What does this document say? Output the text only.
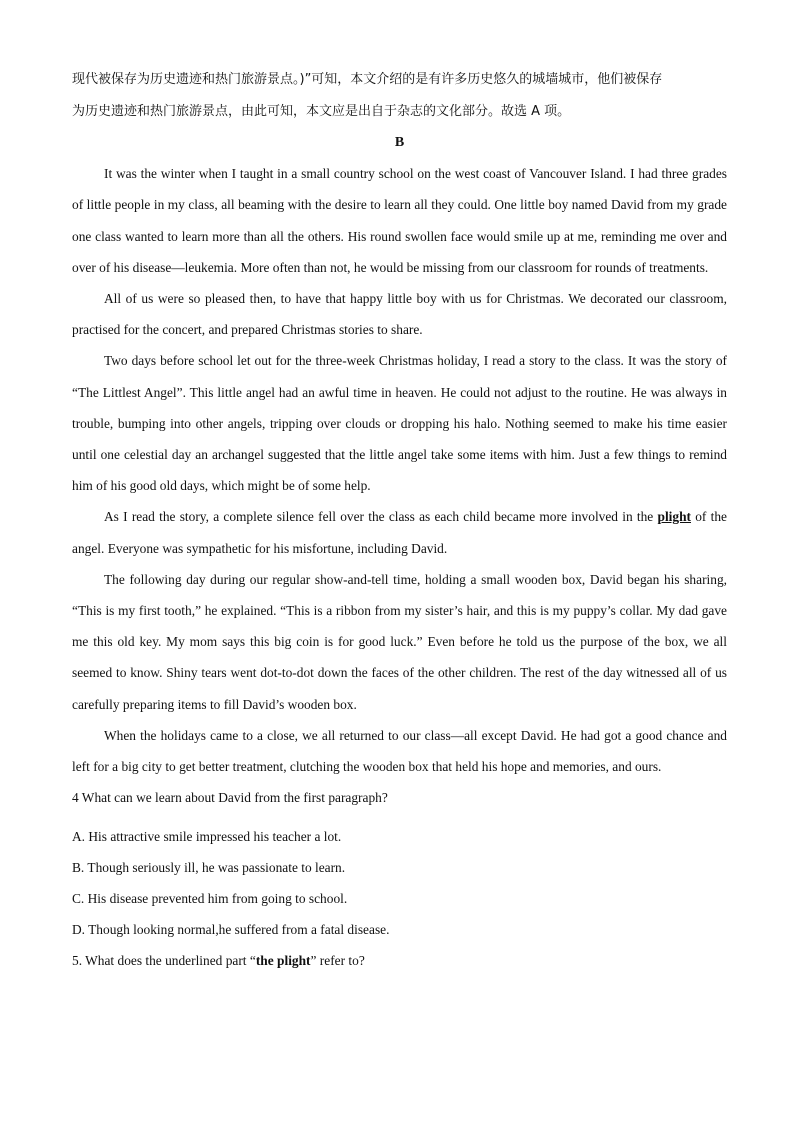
现代被保存为历史遗迹和热门旅游景点。)”可知，本文介绍的是有许多历史悠久的城墙城市，他们被保存
为历史遗迹和热门旅游景点，由此可知，本文应是出自于杂志的文化部分。故选 A 项。

B

It was the winter when I taught in a small country school on the west coast of Vancouver Island. I had three grades of little people in my class, all beaming with the desire to learn all they could. One little boy named David from my grade one class wanted to learn more than all the others. His round swollen face would smile up at me, reminding me over and over of his disease—leukemia. More often than not, he would be missing from our classroom for rounds of treatments.

All of us were so pleased then, to have that happy little boy with us for Christmas. We decorated our classroom, practised for the concert, and prepared Christmas stories to share.

Two days before school let out for the three-week Christmas holiday, I read a story to the class. It was the story of “The Littlest Angel”. This little angel had an awful time in heaven. He could not adjust to the routine. He was always in trouble, bumping into other angels, tripping over clouds or dropping his halo. Nothing seemed to make his time easier until one celestial day an archangel suggested that the little angel take some items with him. Just a few things to remind him of his good old days, which might be of some help.

As I read the story, a complete silence fell over the class as each child became more involved in the plight of the angel. Everyone was sympathetic for his misfortune, including David.

The following day during our regular show-and-tell time, holding a small wooden box, David began his sharing, “This is my first tooth,” he explained. “This is a ribbon from my sister’s hair, and this is my puppy’s collar. My dad gave me this old key. My mom says this big coin is for good luck.” Even before he told us the purpose of the box, we all seemed to know. Shiny tears went dot-to-dot down the faces of the other children. The rest of the day witnessed all of us carefully preparing items to fill David’s wooden box.

When the holidays came to a close, we all returned to our class—all except David. He had got a good chance and left for a big city to get better treatment, clutching the wooden box that held his hope and memories, and ours.

4 What can we learn about David from the first paragraph?

A. His attractive smile impressed his teacher a lot.

B. Though seriously ill, he was passionate to learn.

C. His disease prevented him from going to school.

D. Though looking normal,he suffered from a fatal disease.

5. What does the underlined part “the plight” refer to?
